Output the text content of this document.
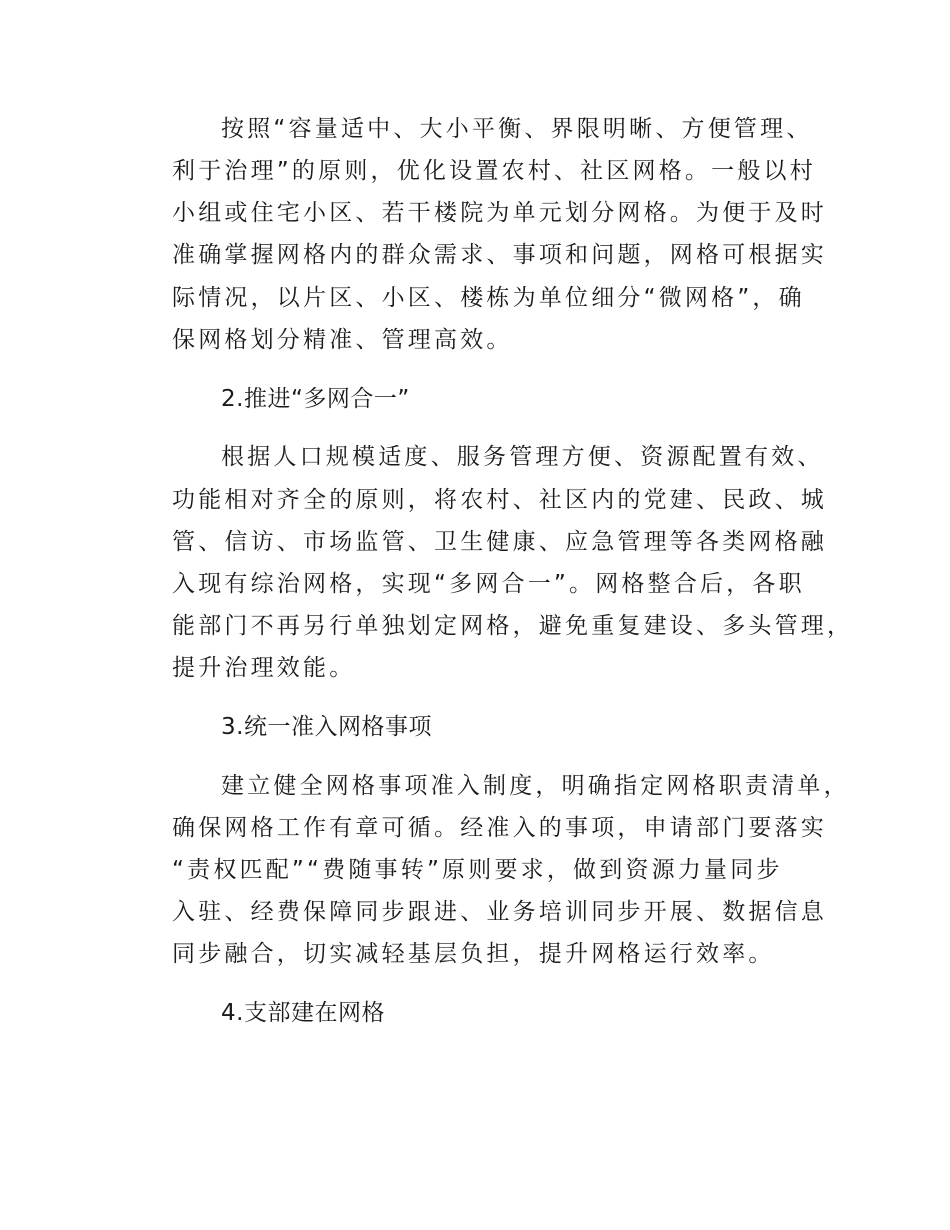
按照“容量适中、大小平衡、界限明晰、方便管理、
利于治理”的原则，优化设置农村、社区网格。一般以村
小组或住宅小区、若干楼院为单元划分网格。为便于及时
准确掌握网格内的群众需求、事项和问题，网格可根据实
际情况，以片区、小区、楼栋为单位细分“微网格”，确
保网格划分精准、管理高效。
2.推进“多网合一”
根据人口规模适度、服务管理方便、资源配置有效、
功能相对齐全的原则，将农村、社区内的党建、民政、城
管、信访、市场监管、卫生健康、应急管理等各类网格融
入现有综治网格，实现“多网合一”。网格整合后，各职
能部门不再另行单独划定网格，避免重复建设、多头管理，
提升治理效能。
3.统一准入网格事项
建立健全网格事项准入制度，明确指定网格职责清单，
确保网格工作有章可循。经准入的事项，申请部门要落实
“责权匹配”“费随事转”原则要求，做到资源力量同步
入驻、经费保障同步跟进、业务培训同步开展、数据信息
同步融合，切实减轻基层负担，提升网格运行效率。
4.支部建在网格
